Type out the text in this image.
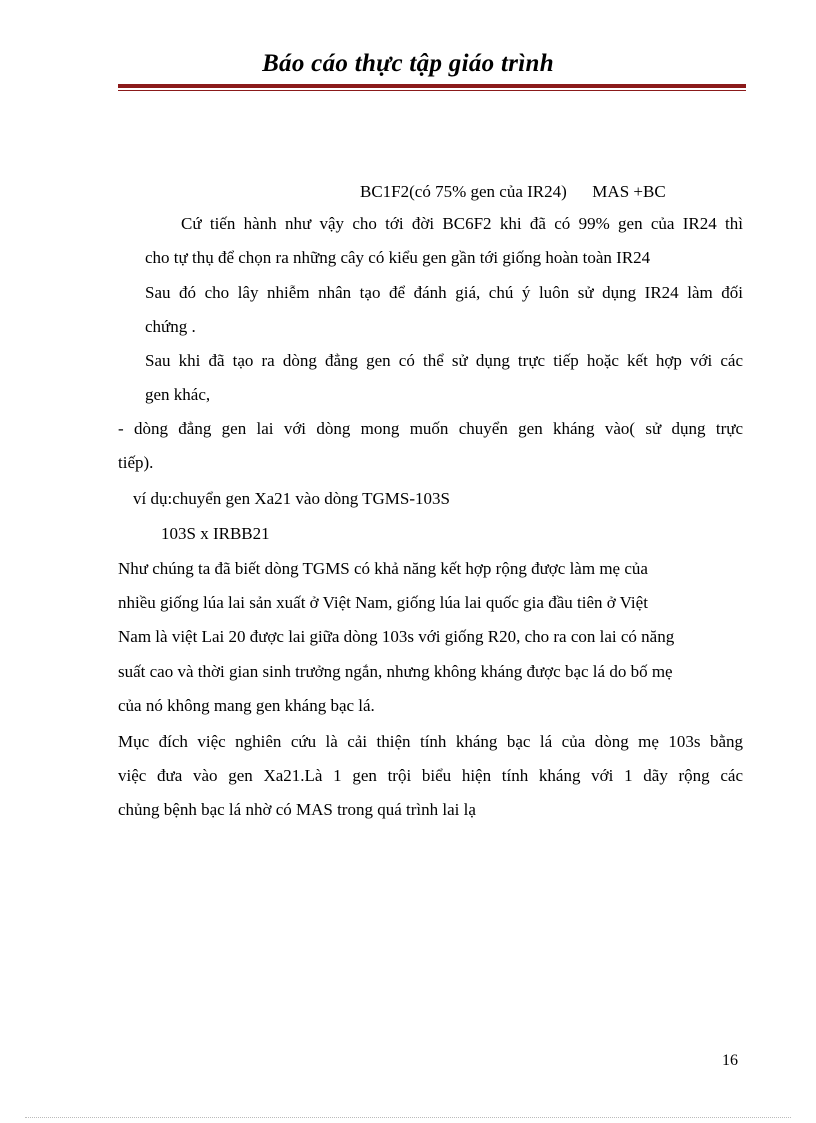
Báo cáo thực tập giáo trình
BC1F2(có 75% gen của IR24)      MAS +BC
Cứ tiến hành như vậy cho tới đời BC6F2 khi đã có 99% gen của IR24 thì
cho tự thụ để chọn ra những cây có kiểu gen gần tới giống hoàn toàn IR24
Sau đó cho lây nhiễm nhân tạo để đánh giá, chú ý luôn sử dụng IR24 làm đối
chứng .
Sau khi đã tạo ra dòng đẳng gen có thể sử dụng trực tiếp hoặc kết hợp với các
gen khác,
- dòng đẳng gen lai với dòng mong muốn chuyển gen kháng vào( sử dụng trực
tiếp).
ví dụ:chuyển gen Xa21 vào dòng TGMS-103S
103S x IRBB21
Như chúng ta đã biết dòng TGMS có khả năng kết hợp rộng được làm mẹ của
nhiều giống lúa lai sản xuất ở Việt Nam, giống lúa lai quốc gia đầu tiên ở Việt
Nam là việt Lai 20 được lai giữa dòng 103s với giống R20, cho ra con lai có năng
suất cao và thời gian sinh trưởng ngắn, nhưng không kháng được bạc lá do bố mẹ
của nó không mang gen kháng bạc lá.
Mục đích việc nghiên cứu là cải thiện tính kháng bạc lá của dòng mẹ 103s bằng
việc đưa vào gen Xa21.Là 1 gen trội biểu hiện tính kháng với 1 dãy rộng các
chủng bệnh bạc lá nhờ có MAS trong quá trình lai lạ
16
